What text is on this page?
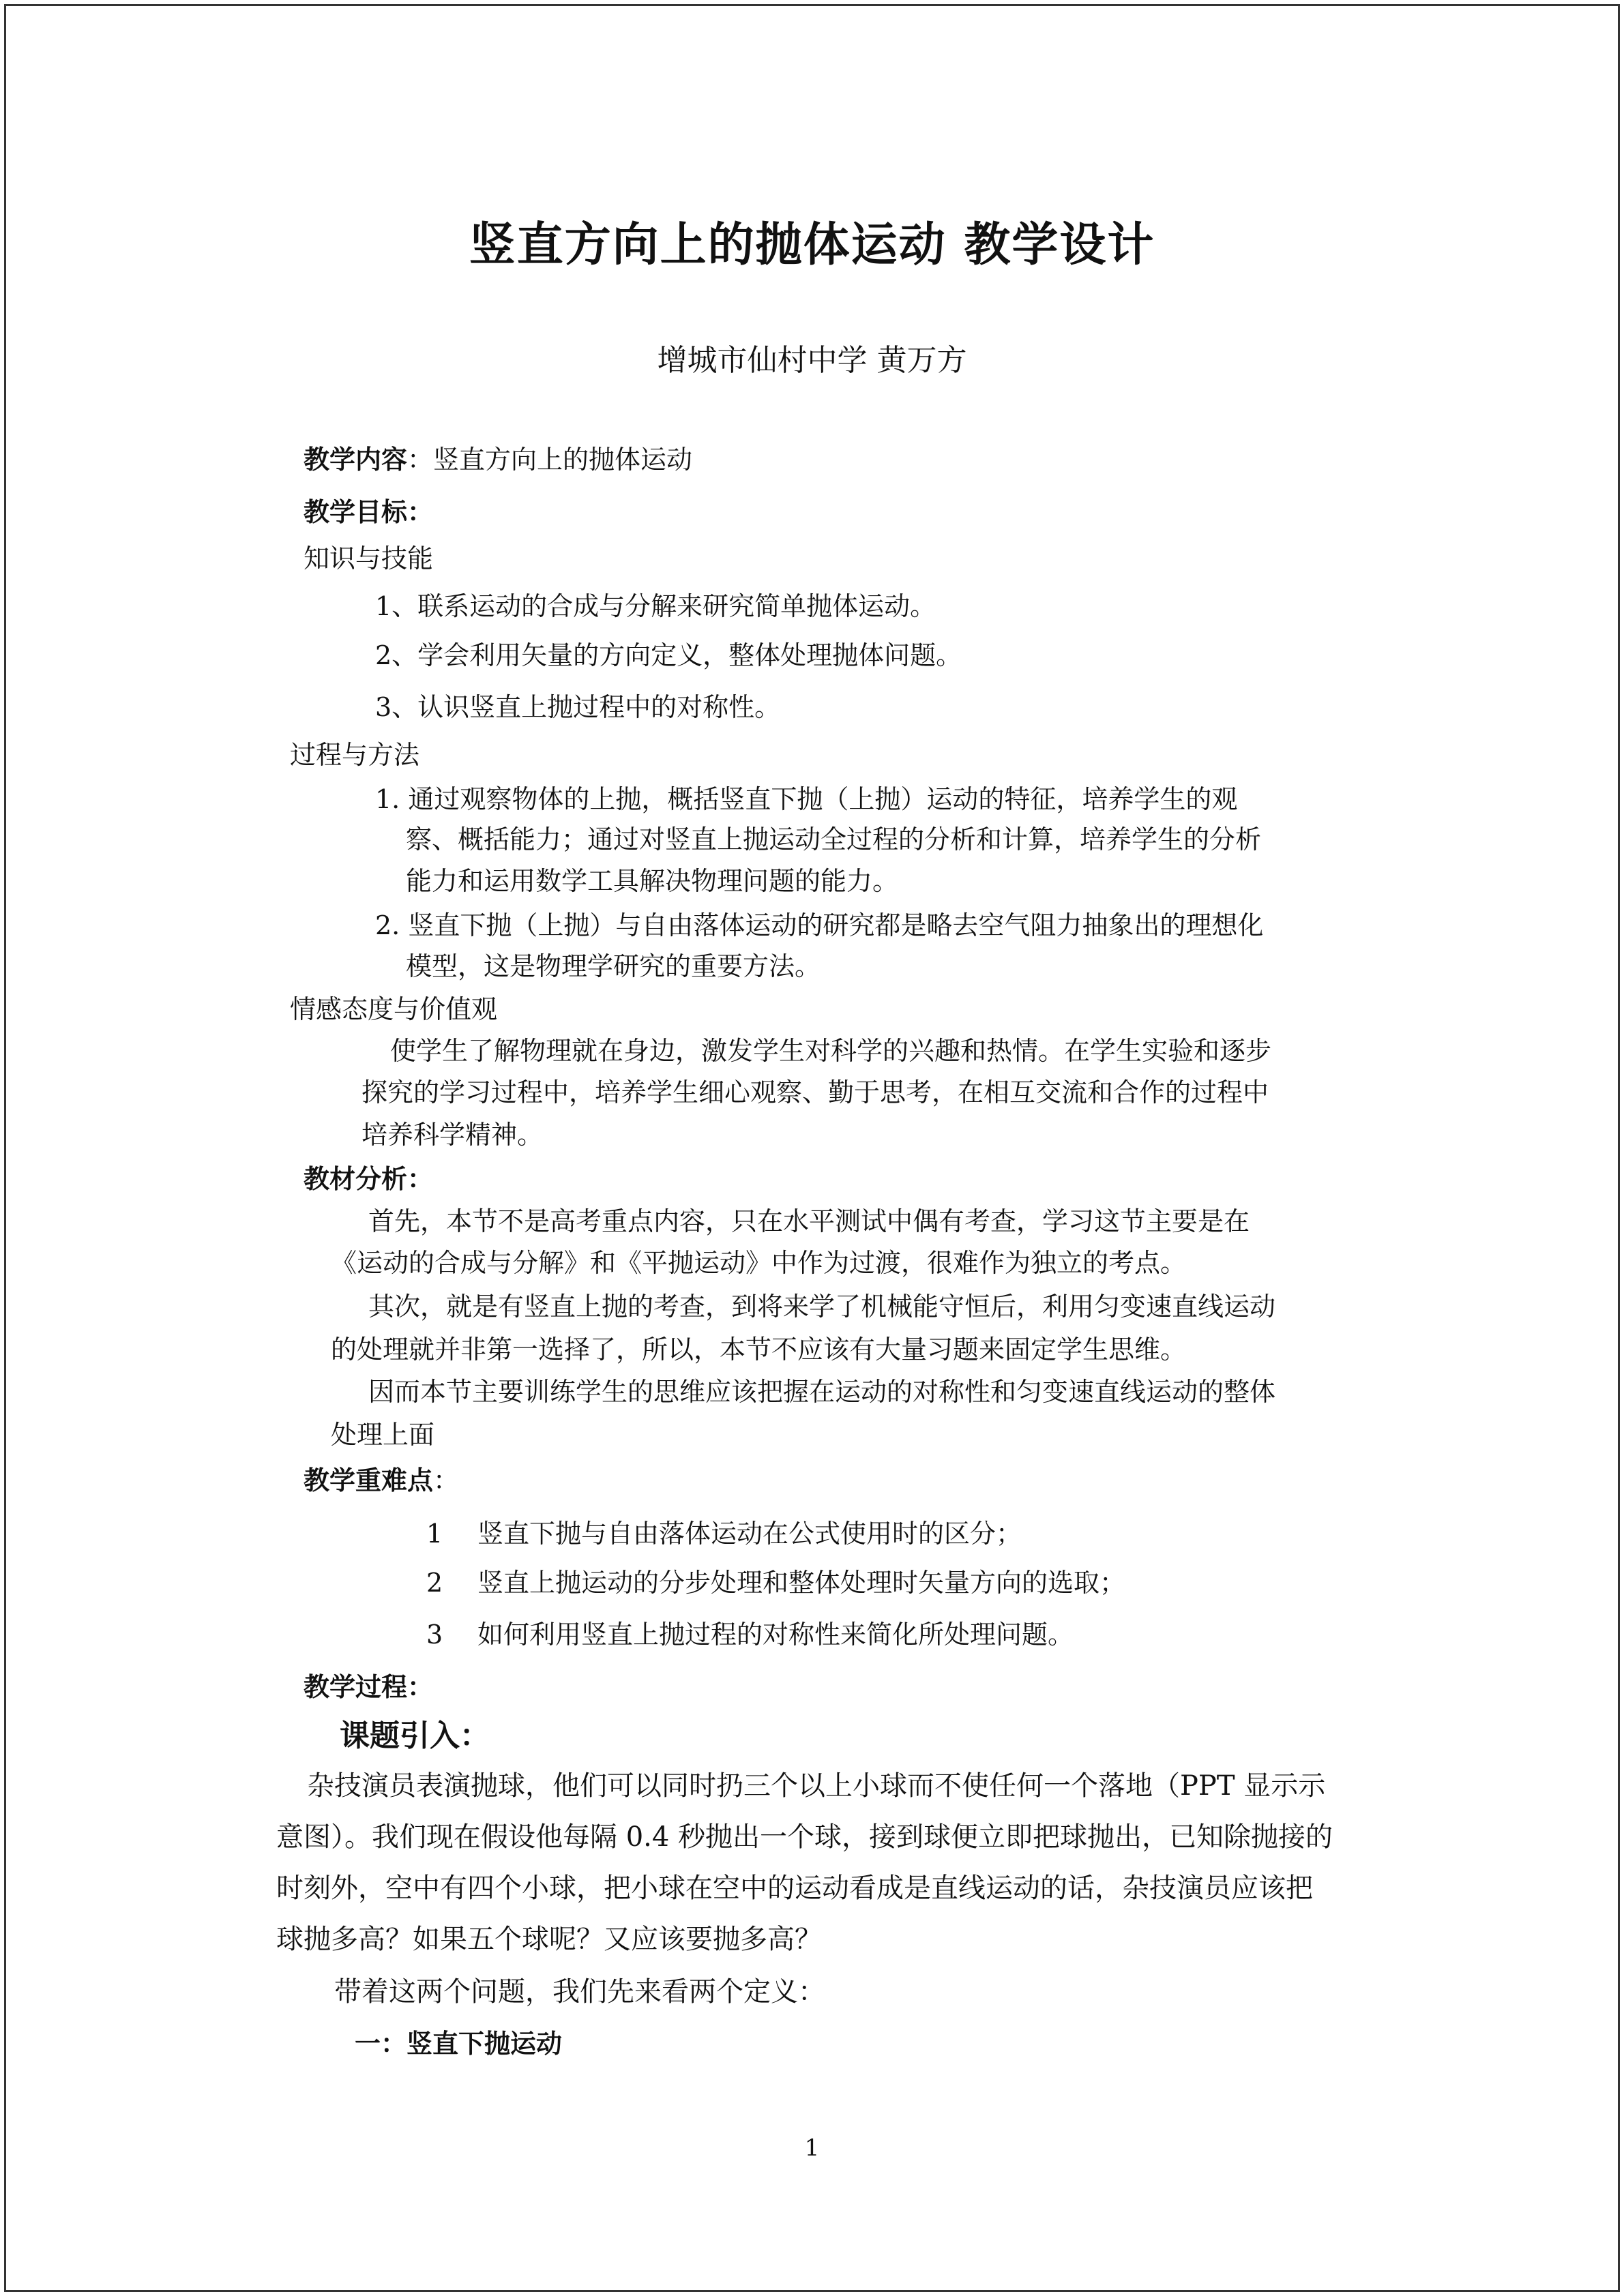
竖直方向上的抛体运动 教学设计
增城市仙村中学 黄万方
教学内容：竖直方向上的抛体运动
教学目标：
知识与技能
1、联系运动的合成与分解来研究简单抛体运动。
2、学会利用矢量的方向定义，整体处理抛体问题。
3、认识竖直上抛过程中的对称性。
过程与方法
1. 通过观察物体的上抛，概括竖直下抛（上抛）运动的特征，培养学生的观
察、概括能力；通过对竖直上抛运动全过程的分析和计算，培养学生的分析
能力和运用数学工具解决物理问题的能力。
2. 竖直下抛（上抛）与自由落体运动的研究都是略去空气阻力抽象出的理想化
模型，这是物理学研究的重要方法。
情感态度与价值观
使学生了解物理就在身边，激发学生对科学的兴趣和热情。在学生实验和逐步
探究的学习过程中，培养学生细心观察、勤于思考，在相互交流和合作的过程中
培养科学精神。
教材分析：
首先，本节不是高考重点内容，只在水平测试中偶有考查，学习这节主要是在
《运动的合成与分解》和《平抛运动》中作为过渡，很难作为独立的考点。
其次，就是有竖直上抛的考查，到将来学了机械能守恒后，利用匀变速直线运动
的处理就并非第一选择了，所以，本节不应该有大量习题来固定学生思维。
因而本节主要训练学生的思维应该把握在运动的对称性和匀变速直线运动的整体
处理上面
教学重难点：
1 竖直下抛与自由落体运动在公式使用时的区分；
2 竖直上抛运动的分步处理和整体处理时矢量方向的选取；
3 如何利用竖直上抛过程的对称性来简化所处理问题。
教学过程：
课题引入：
杂技演员表演抛球，他们可以同时扔三个以上小球而不使任何一个落地（PPT 显示示
意图）。我们现在假设他每隔 0.4 秒抛出一个球，接到球便立即把球抛出，已知除抛接的
时刻外，空中有四个小球，把小球在空中的运动看成是直线运动的话，杂技演员应该把
球抛多高？如果五个球呢？又应该要抛多高？
带着这两个问题，我们先来看两个定义：
一：竖直下抛运动
1
